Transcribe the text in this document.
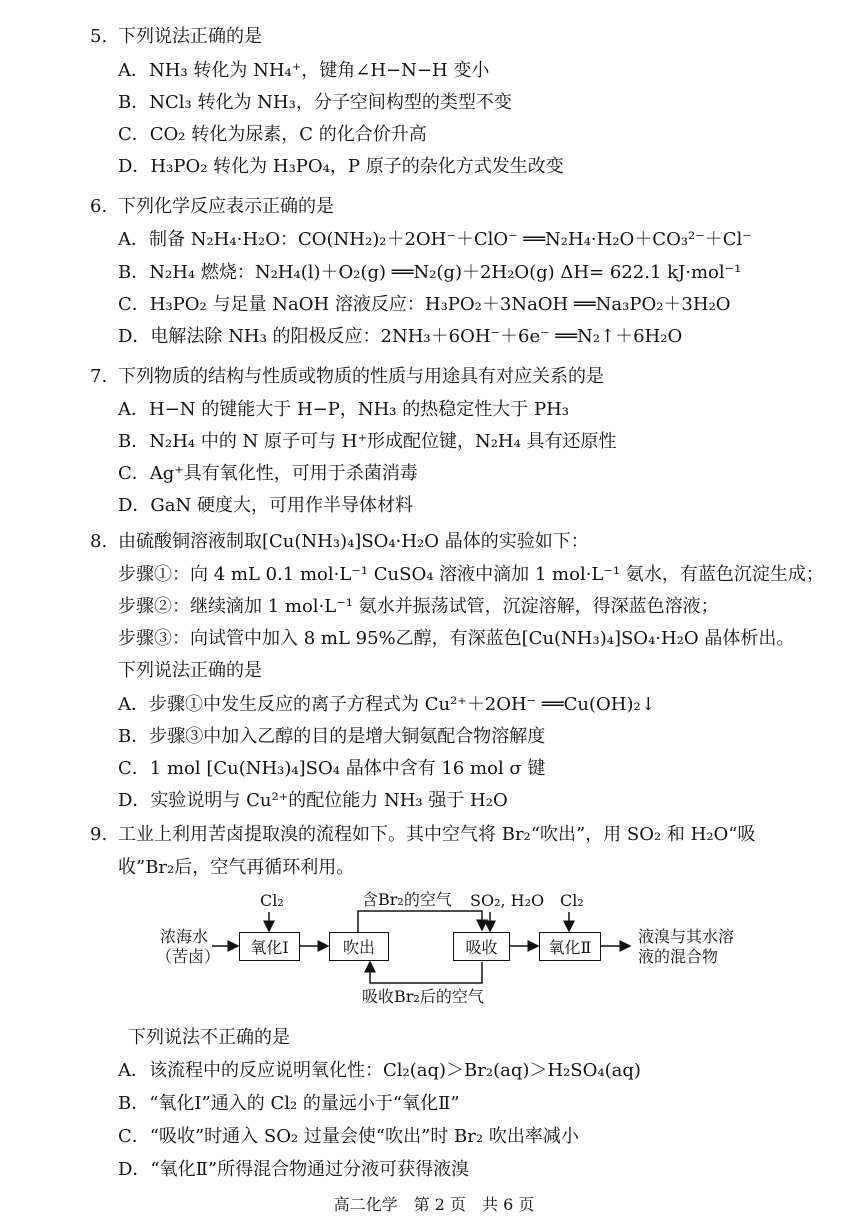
5. 下列说法正确的是
A．NH₃ 转化为 NH₄⁺，键角∠H−N−H 变小
B．NCl₃ 转化为 NH₃，分子空间构型的类型不变
C．CO₂ 转化为尿素，C 的化合价升高
D．H₃PO₂ 转化为 H₃PO₄，P 原子的杂化方式发生改变
6. 下列化学反应表示正确的是
A．制备 N₂H₄·H₂O：CO(NH₂)₂＋2OH⁻＋ClO⁻ ══N₂H₄·H₂O＋CO₃²⁻＋Cl⁻
B．N₂H₄ 燃烧：N₂H₄(l)＋O₂(g) ══N₂(g)＋2H₂O(g) ΔH= 622.1 kJ·mol⁻¹
C．H₃PO₂ 与足量 NaOH 溶液反应：H₃PO₂＋3NaOH ══Na₃PO₂＋3H₂O
D．电解法除 NH₃ 的阳极反应：2NH₃＋6OH⁻＋6e⁻ ══N₂↑＋6H₂O
7. 下列物质的结构与性质或物质的性质与用途具有对应关系的是
A．H−N 的键能大于 H−P，NH₃ 的热稳定性大于 PH₃
B．N₂H₄ 中的 N 原子可与 H⁺形成配位键，N₂H₄ 具有还原性
C．Ag⁺具有氧化性，可用于杀菌消毒
D．GaN 硬度大，可用作半导体材料
8. 由硫酸铜溶液制取[Cu(NH₃)₄]SO₄·H₂O 晶体的实验如下：
步骤①：向 4 mL 0.1 mol·L⁻¹ CuSO₄ 溶液中滴加 1 mol·L⁻¹ 氨水，有蓝色沉淀生成；
步骤②：继续滴加 1 mol·L⁻¹ 氨水并振荡试管，沉淀溶解，得深蓝色溶液；
步骤③：向试管中加入 8 mL 95%乙醇，有深蓝色[Cu(NH₃)₄]SO₄·H₂O 晶体析出。
下列说法正确的是
A．步骤①中发生反应的离子方程式为 Cu²⁺＋2OH⁻ ══Cu(OH)₂↓
B．步骤③中加入乙醇的目的是增大铜氨配合物溶解度
C．1 mol [Cu(NH₃)₄]SO₄ 晶体中含有 16 mol σ 键
D．实验说明与 Cu²⁺的配位能力 NH₃ 强于 H₂O
9. 工业上利用苦卤提取溴的流程如下。其中空气将 Br₂“吹出”，用 SO₂ 和 H₂O“吸
收”Br₂后，空气再循环利用。
浓海水
（苦卤）	氧化Ⅰ	吹出	吸收	氧化Ⅱ
Cl₂	Cl₂
SO₂, H₂O
含Br₂的空气
吸收Br₂后的空气
液溴与其水溶
液的混合物
下列说法不正确的是
A．该流程中的反应说明氧化性：Cl₂(aq)＞Br₂(aq)＞H₂SO₄(aq)
B．“氧化Ⅰ”通入的 Cl₂ 的量远小于“氧化Ⅱ”
C．“吸收”时通入 SO₂ 过量会使“吹出”时 Br₂ 吹出率减小
D．“氧化Ⅱ”所得混合物通过分液可获得液溴
高二化学　第 2 页　共 6 页
